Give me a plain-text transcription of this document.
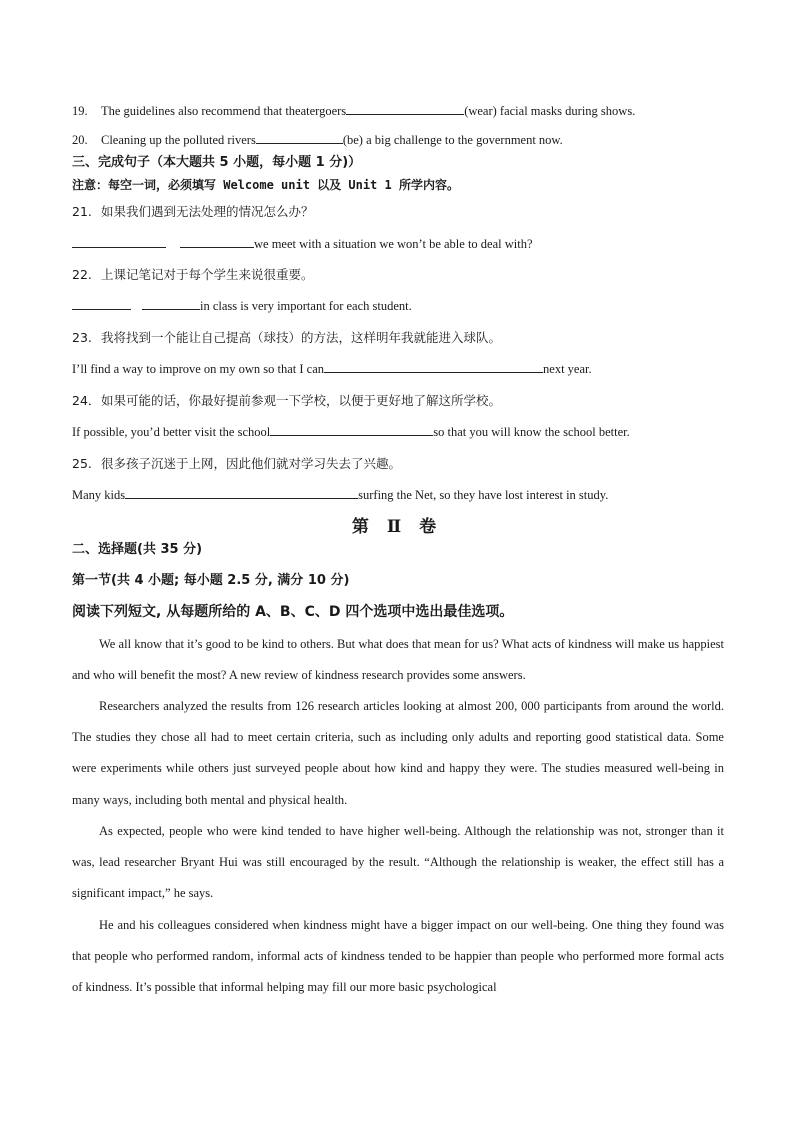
19. The guidelines also recommend that theatergoers	(wear) facial masks during shows.
20. Cleaning up the polluted rivers	(be) a big challenge to the government now.
三、完成句子（本大题共 5 小题，每小题 1 分)）
注意：每空一词，必须填写 Welcome unit 以及 Unit 1 所学内容。
21. 如果我们遇到无法处理的情况怎么办？
we meet with a situation we won’t be able to deal with?
22. 上课记笔记对于每个学生来说很重要。
in class is very important for each student.
23. 我将找到一个能让自己提高（球技）的方法，这样明年我就能进入球队。
I’ll find a way to improve on my own so that I can	next year.
24．如果可能的话，你最好提前参观一下学校，以便于更好地了解这所学校。
If possible, you’d better visit the school	so that you will know the school better.
25. 很多孩子沉迷于上网，因此他们就对学习失去了兴趣。
Many kids	surfing the Net, so they have lost interest in study.
第 Ⅱ 卷
二、选择题(共 35 分)
第一节(共 4 小题; 每小题 2.5 分, 满分 10 分)
阅读下列短文, 从每题所给的 A、B、C、D 四个选项中选出最佳选项。
We all know that it’s good to be kind to others. But what does that mean for us? What acts of kindness will make us happiest and who will benefit the most? A new review of kindness research provides some answers.
Researchers analyzed the results from 126 research articles looking at almost 200, 000 participants from around the world. The studies they chose all had to meet certain criteria, such as including only adults and reporting good statistical data. Some were experiments while others just surveyed people about how kind and happy they were. The studies measured well-being in many ways, including both mental and physical health.
As expected, people who were kind tended to have higher well-being. Although the relationship was not, stronger than it was, lead researcher Bryant Hui was still encouraged by the result. “Although the relationship is weaker, the effect still has a significant impact,” he says.
He and his colleagues considered when kindness might have a bigger impact on our well-being. One thing they found was that people who performed random, informal acts of kindness tended to be happier than people who performed more formal acts of kindness. It’s possible that informal helping may fill our more basic psychological
